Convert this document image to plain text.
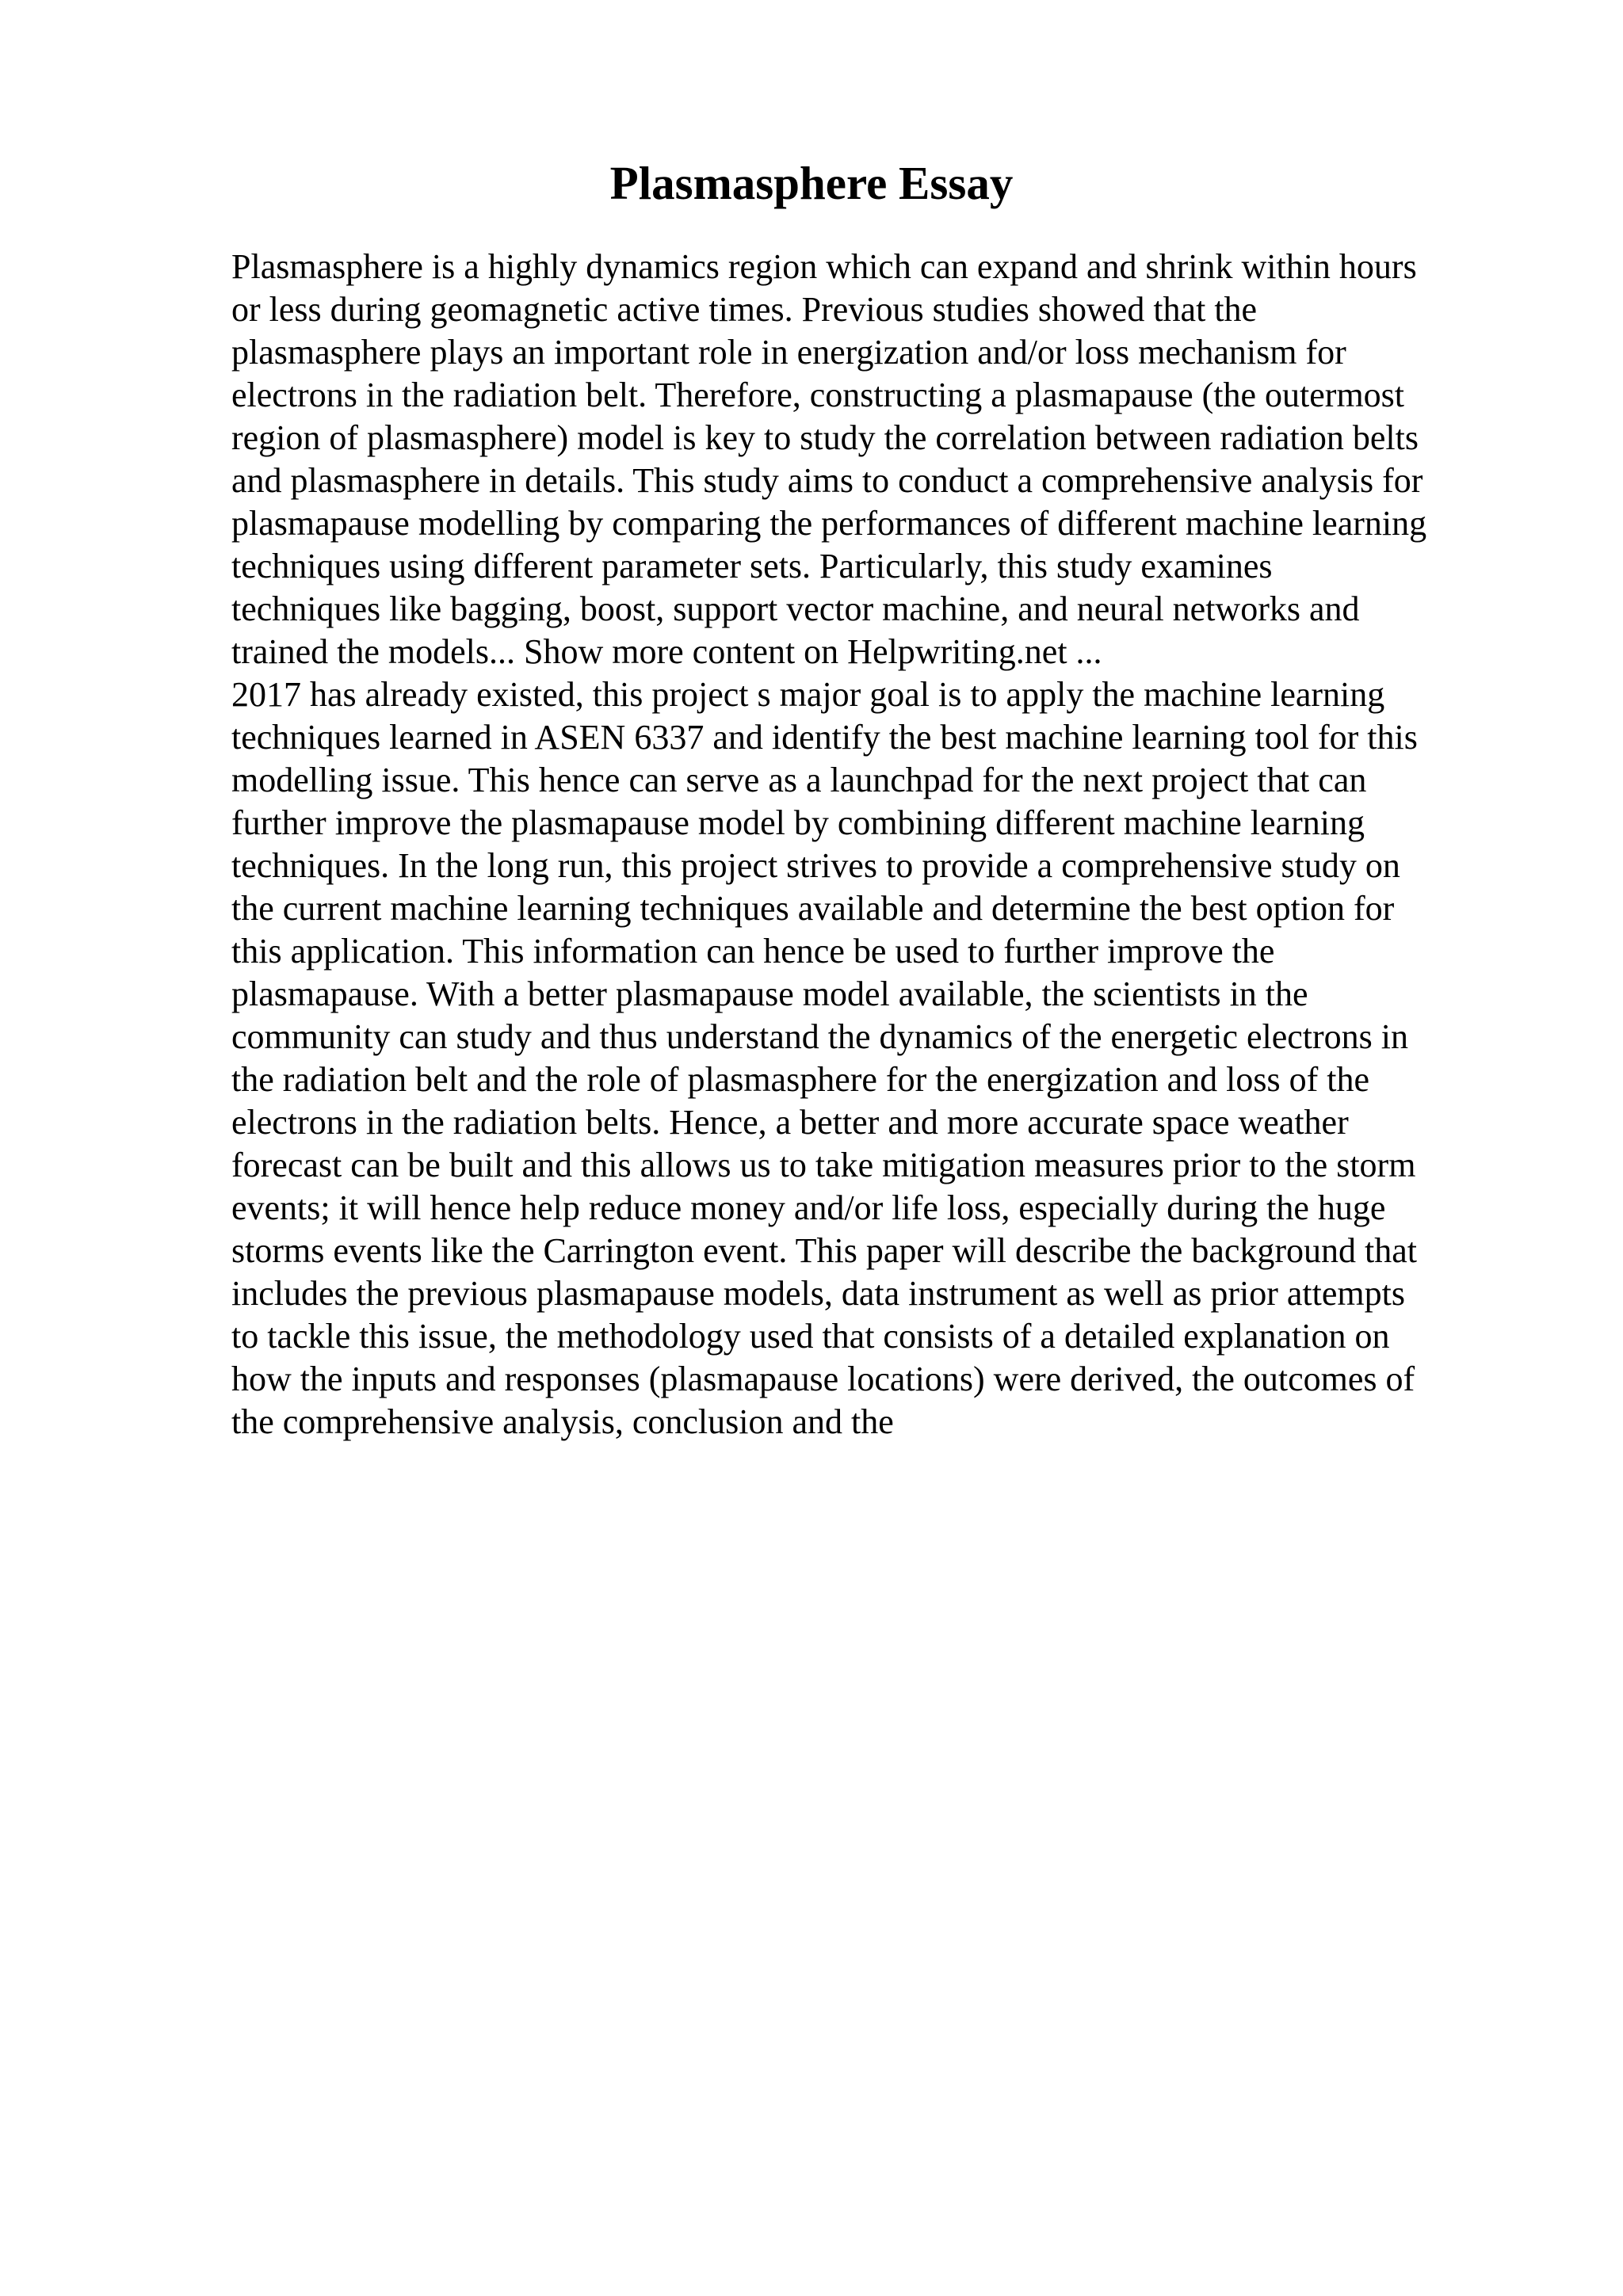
Plasmasphere Essay
Plasmasphere is a highly dynamics region which can expand and shrink within hours
or less during geomagnetic active times. Previous studies showed that the
plasmasphere plays an important role in energization and/or loss mechanism for
electrons in the radiation belt. Therefore, constructing a plasmapause (the outermost
region of plasmasphere) model is key to study the correlation between radiation belts
and plasmasphere in details. This study aims to conduct a comprehensive analysis for
plasmapause modelling by comparing the performances of different machine learning
techniques using different parameter sets. Particularly, this study examines
techniques like bagging, boost, support vector machine, and neural networks and
trained the models... Show more content on Helpwriting.net ...
2017 has already existed, this project s major goal is to apply the machine learning
techniques learned in ASEN 6337 and identify the best machine learning tool for this
modelling issue. This hence can serve as a launchpad for the next project that can
further improve the plasmapause model by combining different machine learning
techniques. In the long run, this project strives to provide a comprehensive study on
the current machine learning techniques available and determine the best option for
this application. This information can hence be used to further improve the
plasmapause. With a better plasmapause model available, the scientists in the
community can study and thus understand the dynamics of the energetic electrons in
the radiation belt and the role of plasmasphere for the energization and loss of the
electrons in the radiation belts. Hence, a better and more accurate space weather
forecast can be built and this allows us to take mitigation measures prior to the storm
events; it will hence help reduce money and/or life loss, especially during the huge
storms events like the Carrington event. This paper will describe the background that
includes the previous plasmapause models, data instrument as well as prior attempts
to tackle this issue, the methodology used that consists of a detailed explanation on
how the inputs and responses (plasmapause locations) were derived, the outcomes of
the comprehensive analysis, conclusion and the
